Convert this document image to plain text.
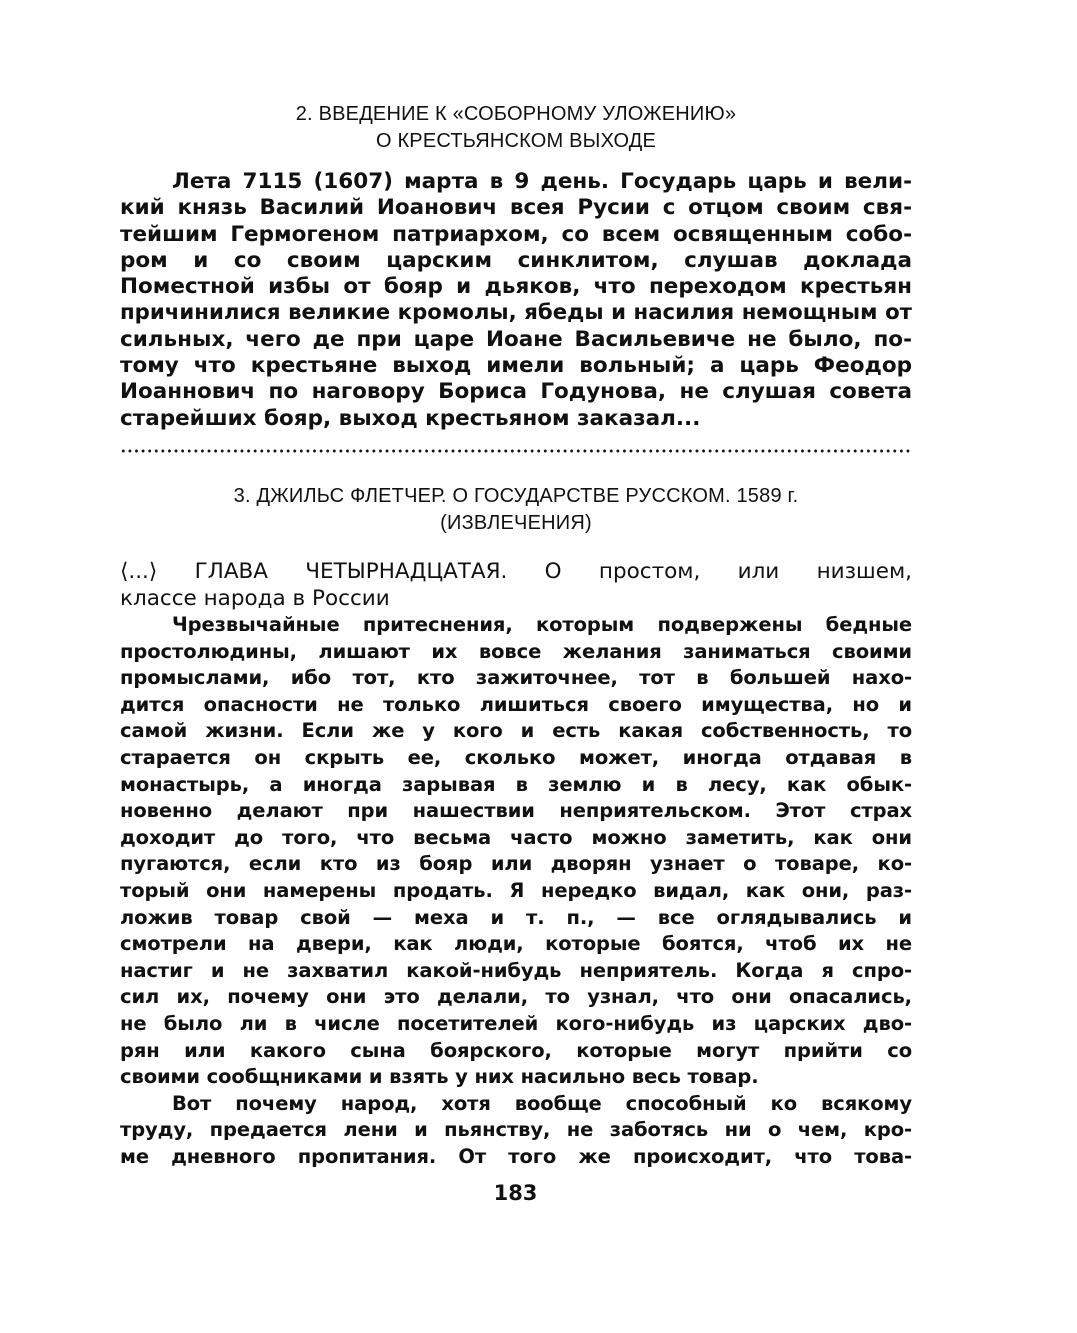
2. ВВЕДЕНИЕ К «СОБОРНОМУ УЛОЖЕНИЮ»
О КРЕСТЬЯНСКОМ ВЫХОДЕ
Лета 7115 (1607) марта в 9 день. Государь царь и вели-
кий князь Василий Иоанович всея Русии с отцом своим свя-
тейшим Гермогеном патриархом, со всем освященным собо-
ром и со своим царским синклитом, слушав доклада
Поместной избы от бояр и дьяков, что переходом крестьян
причинилися великие кромолы, ябеды и насилия немощным от
сильных, чего де при царе Иоане Васильевиче не было, по-
тому что крестьяне выход имели вольный; а царь Феодор
Иоаннович по наговору Бориса Годунова, не слушая совета
старейших бояр, выход крестьяном заказал...
3. ДЖИЛЬС ФЛЕТЧЕР. О ГОСУДАРСТВЕ РУССКОМ. 1589 г.
(ИЗВЛЕЧЕНИЯ)
⟨...⟩ ГЛАВА ЧЕТЫРНАДЦАТАЯ. О простом, или низшем,
классе народа в России
Чрезвычайные притеснения, которым подвержены бедные
простолюдины, лишают их вовсе желания заниматься своими
промыслами, ибо тот, кто зажиточнее, тот в большей нахо-
дится опасности не только лишиться своего имущества, но и
самой жизни. Если же у кого и есть какая собственность, то
старается он скрыть ее, сколько может, иногда отдавая в
монастырь, а иногда зарывая в землю и в лесу, как обык-
новенно делают при нашествии неприятельском. Этот страх
доходит до того, что весьма часто можно заметить, как они
пугаются, если кто из бояр или дворян узнает о товаре, ко-
торый они намерены продать. Я нередко видал, как они, раз-
ложив товар свой — меха и т. п., — все оглядывались и
смотрели на двери, как люди, которые боятся, чтоб их не
настиг и не захватил какой-нибудь неприятель. Когда я спро-
сил их, почему они это делали, то узнал, что они опасались,
не было ли в числе посетителей кого-нибудь из царских дво-
рян или какого сына боярского, которые могут прийти со
своими сообщниками и взять у них насильно весь товар.
Вот почему народ, хотя вообще способный ко всякому
труду, предается лени и пьянству, не заботясь ни о чем, кро-
ме дневного пропитания. От того же происходит, что това-
183
